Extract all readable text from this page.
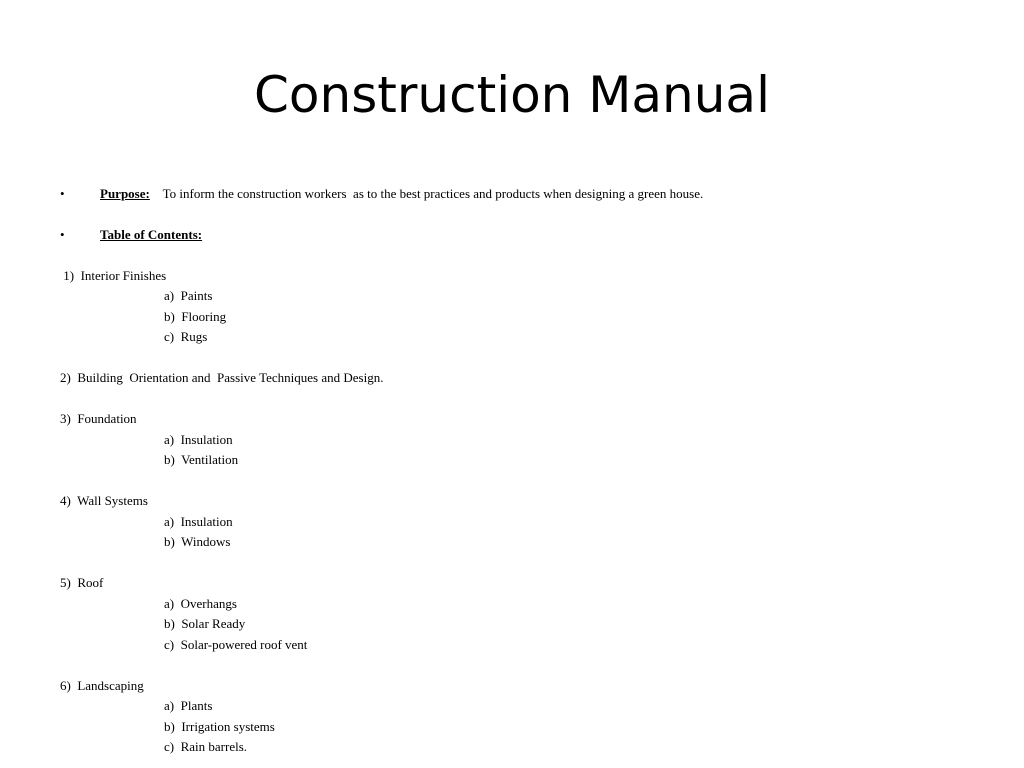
Construction Manual
•	Purpose: To inform the construction workers  as to the best practices and products when designing a green house.
•	Table of Contents:
1)  Interior Finishes
a)  Paints
b)  Flooring
c)  Rugs
2)  Building  Orientation and  Passive Techniques and Design.
3)  Foundation
a)  Insulation
b)  Ventilation
4)  Wall Systems
a)  Insulation
b)  Windows
5)  Roof
a)  Overhangs
b)  Solar Ready
c)  Solar-powered roof vent
6)  Landscaping
a)  Plants
b)  Irrigation systems
c)  Rain barrels.
